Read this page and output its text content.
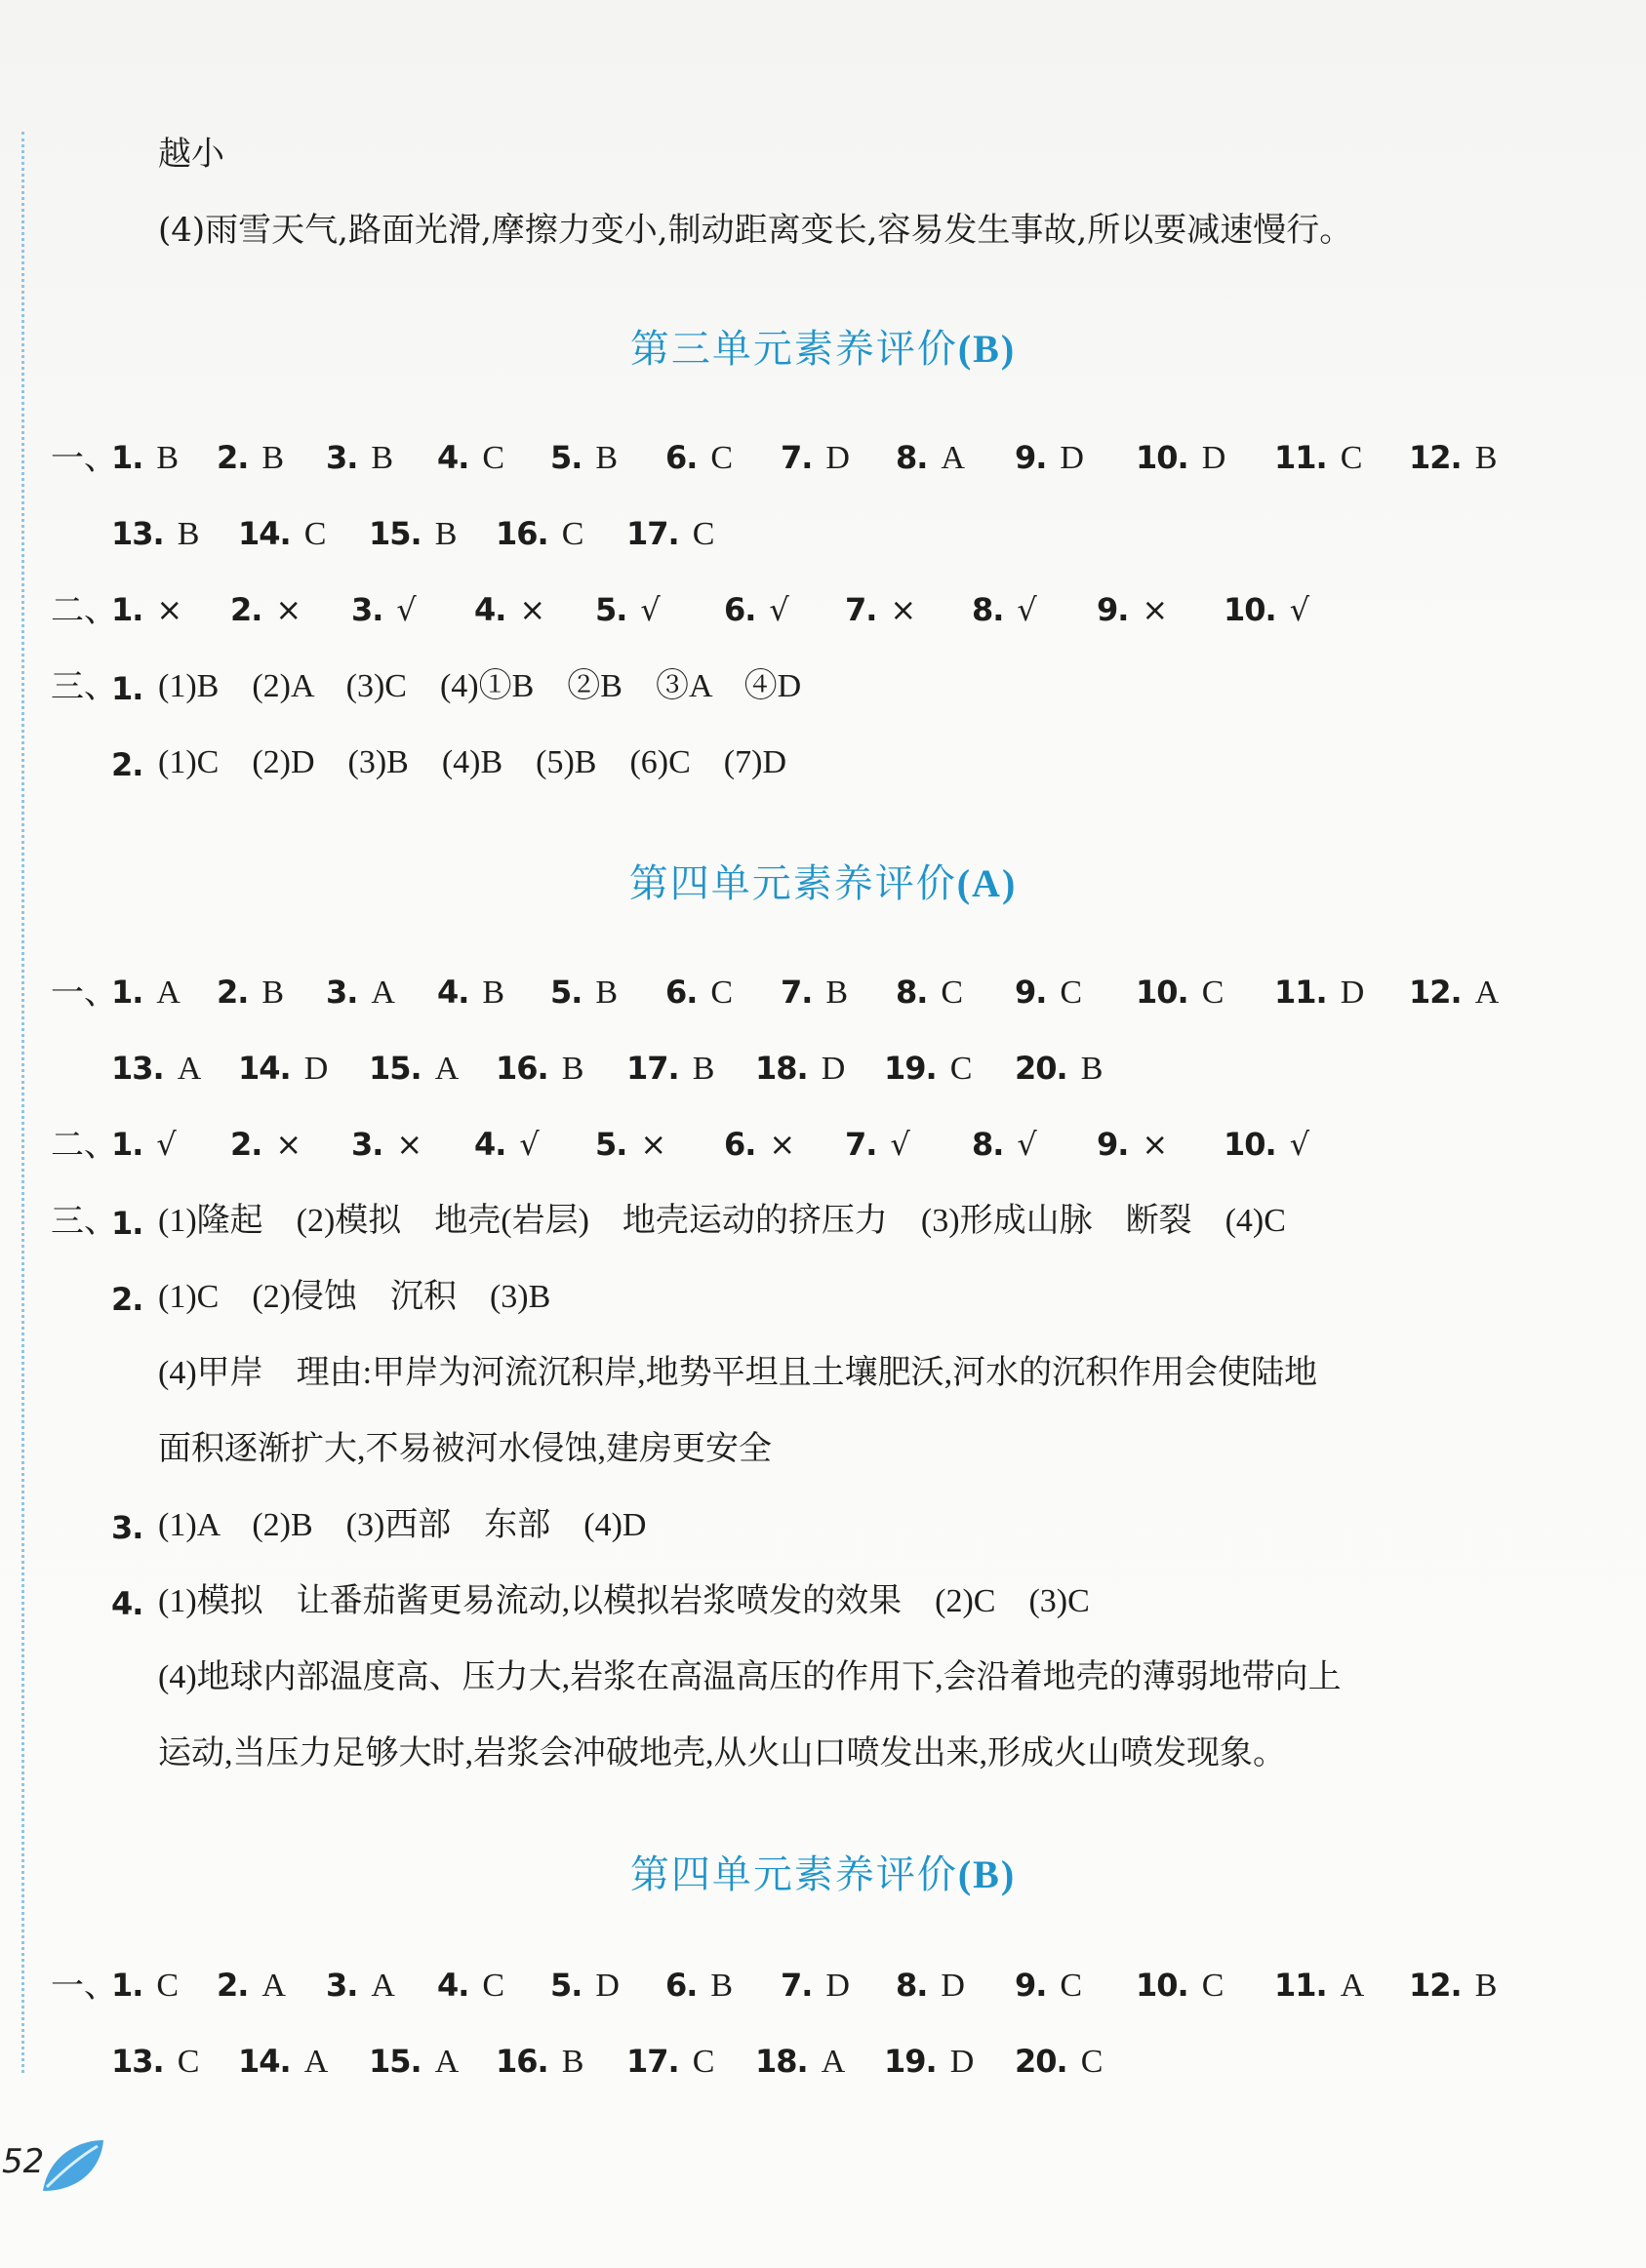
越小
(4)雨雪天气,路面光滑,摩擦力变小,制动距离变长,容易发生事故,所以要减速慢行。
第三单元素养评价(B)
一、
1. B 2. B 3. B 4. C 5. B 6. C 7. D 8. A 9. D 10. D 11. C 12. B
13. B 14. C 15. B 16. C 17. C
二、
1. × 2. × 3. √ 4. × 5. √ 6. √ 7. × 8. √ 9. × 10. √
三、
1. (1)B　(2)A　(3)C　(4)①B　②B　③A　④D
2. (1)C　(2)D　(3)B　(4)B　(5)B　(6)C　(7)D
第四单元素养评价(A)
一、
1. A 2. B 3. A 4. B 5. B 6. C 7. B 8. C 9. C 10. C 11. D 12. A
13. A 14. D 15. A 16. B 17. B 18. D 19. C 20. B
二、
1. √ 2. × 3. × 4. √ 5. × 6. × 7. √ 8. √ 9. × 10. √
三、
1. (1)隆起　(2)模拟　地壳(岩层)　地壳运动的挤压力　(3)形成山脉　断裂　(4)C
2. (1)C　(2)侵蚀　沉积　(3)B
(4)甲岸　理由:甲岸为河流沉积岸,地势平坦且土壤肥沃,河水的沉积作用会使陆地
面积逐渐扩大,不易被河水侵蚀,建房更安全
3. (1)A　(2)B　(3)西部　东部　(4)D
4. (1)模拟　让番茄酱更易流动,以模拟岩浆喷发的效果　(2)C　(3)C
(4)地球内部温度高、压力大,岩浆在高温高压的作用下,会沿着地壳的薄弱地带向上
运动,当压力足够大时,岩浆会冲破地壳,从火山口喷发出来,形成火山喷发现象。
第四单元素养评价(B)
一、
1. C 2. A 3. A 4. C 5. D 6. B 7. D 8. D 9. C 10. C 11. A 12. B
13. C 14. A 15. A 16. B 17. C 18. A 19. D 20. C
52
